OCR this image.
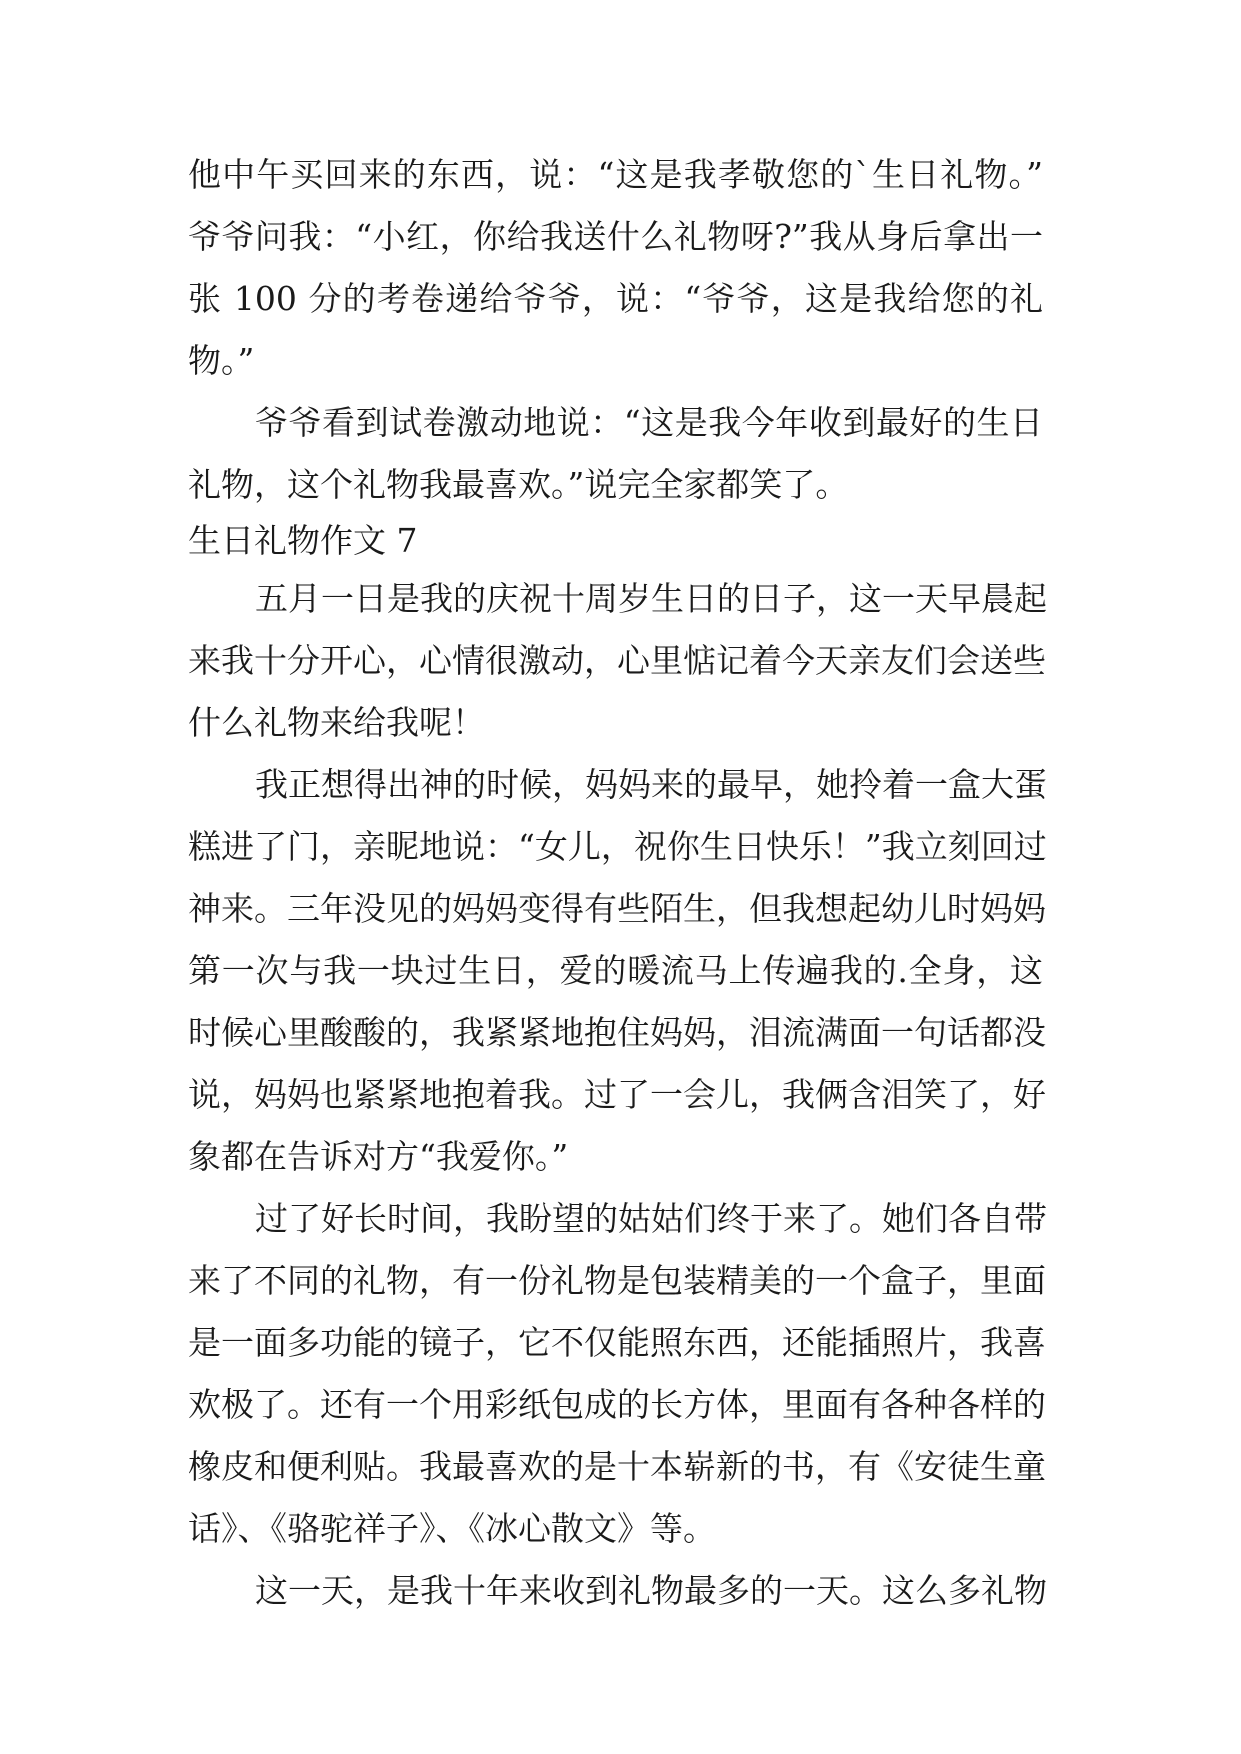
他中午买回来的东西，说：“这是我孝敬您的`生日礼物。”
爷爷问我：“小红，你给我送什么礼物呀?”我从身后拿出一
张 100 分的考卷递给爷爷，说：“爷爷，这是我给您的礼
物。”
爷爷看到试卷激动地说：“这是我今年收到最好的生日
礼物，这个礼物我最喜欢。”说完全家都笑了。
生日礼物作文 7
五月一日是我的庆祝十周岁生日的日子，这一天早晨起
来我十分开心，心情很激动，心里惦记着今天亲友们会送些
什么礼物来给我呢！
我正想得出神的时候，妈妈来的最早，她拎着一盒大蛋
糕进了门，亲昵地说：“女儿，祝你生日快乐！”我立刻回过
神来。三年没见的妈妈变得有些陌生，但我想起幼儿时妈妈
第一次与我一块过生日，爱的暖流马上传遍我的.全身，这
时候心里酸酸的，我紧紧地抱住妈妈，泪流满面一句话都没
说，妈妈也紧紧地抱着我。过了一会儿，我俩含泪笑了，好
象都在告诉对方“我爱你。”
过了好长时间，我盼望的姑姑们终于来了。她们各自带
来了不同的礼物，有一份礼物是包装精美的一个盒子，里面
是一面多功能的镜子，它不仅能照东西，还能插照片，我喜
欢极了。还有一个用彩纸包成的长方体，里面有各种各样的
橡皮和便利贴。我最喜欢的是十本崭新的书，有《安徒生童
话》、《骆驼祥子》、《冰心散文》等。
这一天，是我十年来收到礼物最多的一天。这么多礼物
